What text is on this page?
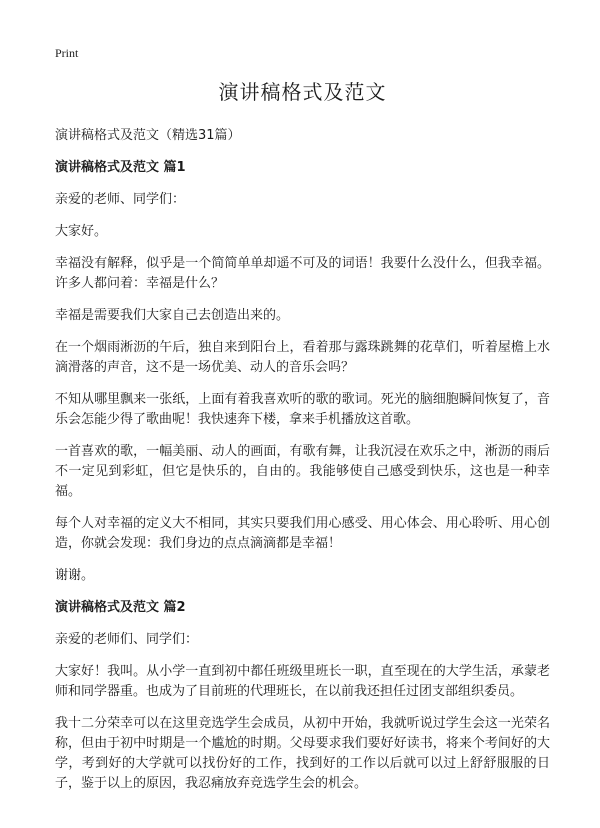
Print
演讲稿格式及范文

演讲稿格式及范文（精选31篇）

演讲稿格式及范文 篇1

亲爱的老师、同学们：

大家好。

幸福没有解释，似乎是一个简简单单却遥不可及的词语！我要什么没什么，但我幸福。许多人都问着：幸福是什么？

幸福是需要我们大家自己去创造出来的。

在一个烟雨淅沥的午后，独自来到阳台上，看着那与露珠跳舞的花草们，听着屋檐上水滴滑落的声音，这不是一场优美、动人的音乐会吗？

不知从哪里飘来一张纸，上面有着我喜欢听的歌的歌词。死光的脑细胞瞬间恢复了，音乐会怎能少得了歌曲呢！我快速奔下楼，拿来手机播放这首歌。

一首喜欢的歌，一幅美丽、动人的画面，有歌有舞，让我沉浸在欢乐之中，淅沥的雨后不一定见到彩虹，但它是快乐的，自由的。我能够使自己感受到快乐，这也是一种幸福。

每个人对幸福的定义大不相同，其实只要我们用心感受、用心体会、用心聆听、用心创造，你就会发现：我们身边的点点滴滴都是幸福！

谢谢。

演讲稿格式及范文 篇2

亲爱的老师们、同学们：

大家好！我叫。从小学一直到初中都任班级里班长一职，直至现在的大学生活，承蒙老师和同学器重。也成为了目前班的代理班长，在以前我还担任过团支部组织委员。

我十二分荣幸可以在这里竞选学生会成员，从初中开始，我就听说过学生会这一光荣名称，但由于初中时期是一个尴尬的时期。父母要求我们要好好读书，将来个考间好的大学，考到好的大学就可以找份好的工作，找到好的工作以后就可以过上舒舒服服的日子，鉴于以上的原因，我忍痛放弃竞选学生会的机会。
